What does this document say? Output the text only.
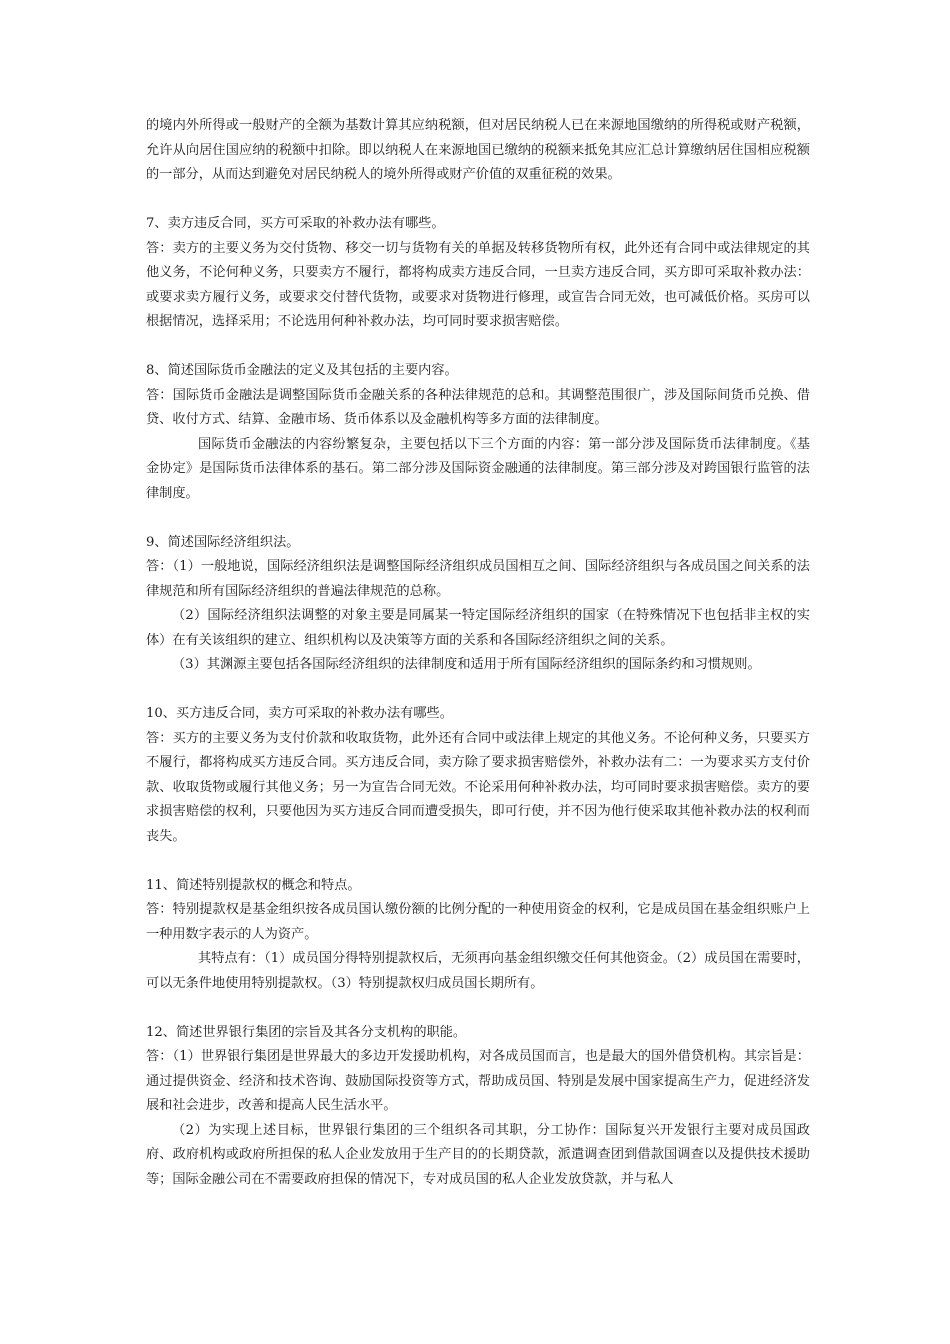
的境内外所得或一般财产的全额为基数计算其应纳税额，但对居民纳税人已在来源地国缴纳的所得税或财产税额，允许从向居住国应纳的税额中扣除。即以纳税人在来源地国已缴纳的税额来抵免其应汇总计算缴纳居住国相应税额的一部分，从而达到避免对居民纳税人的境外所得或财产价值的双重征税的效果。

7、卖方违反合同，买方可采取的补救办法有哪些。

答：卖方的主要义务为交付货物、移交一切与货物有关的单据及转移货物所有权，此外还有合同中或法律规定的其他义务，不论何种义务，只要卖方不履行，都将构成卖方违反合同，一旦卖方违反合同，买方即可采取补救办法：或要求卖方履行义务，或要求交付替代货物，或要求对货物进行修理，或宣告合同无效，也可减低价格。买房可以根据情况，选择采用；不论选用何种补救办法，均可同时要求损害赔偿。

8、简述国际货币金融法的定义及其包括的主要内容。

答：国际货币金融法是调整国际货币金融关系的各种法律规范的总和。其调整范围很广，涉及国际间货币兑换、借贷、收付方式、结算、金融市场、货币体系以及金融机构等多方面的法律制度。

国际货币金融法的内容纷繁复杂，主要包括以下三个方面的内容：第一部分涉及国际货币法律制度。《基金协定》是国际货币法律体系的基石。第二部分涉及国际资金融通的法律制度。第三部分涉及对跨国银行监管的法律制度。

9、简述国际经济组织法。

答：（1）一般地说，国际经济组织法是调整国际经济组织成员国相互之间、国际经济组织与各成员国之间关系的法律规范和所有国际经济组织的普遍法律规范的总称。

（2）国际经济组织法调整的对象主要是同属某一特定国际经济组织的国家（在特殊情况下也包括非主权的实体）在有关该组织的建立、组织机构以及决策等方面的关系和各国际经济组织之间的关系。

（3）其渊源主要包括各国际经济组织的法律制度和适用于所有国际经济组织的国际条约和习惯规则。

10、买方违反合同，卖方可采取的补救办法有哪些。

答：买方的主要义务为支付价款和收取货物，此外还有合同中或法律上规定的其他义务。不论何种义务，只要买方不履行，都将构成买方违反合同。买方违反合同，卖方除了要求损害赔偿外，补救办法有二：一为要求买方支付价款、收取货物或履行其他义务；另一为宣告合同无效。不论采用何种补救办法，均可同时要求损害赔偿。卖方的要求损害赔偿的权利，只要他因为买方违反合同而遭受损失，即可行使，并不因为他行使采取其他补救办法的权利而丧失。

11、简述特别提款权的概念和特点。

答：特别提款权是基金组织按各成员国认缴份额的比例分配的一种使用资金的权利，它是成员国在基金组织账户上一种用数字表示的人为资产。

其特点有：（1）成员国分得特别提款权后，无须再向基金组织缴交任何其他资金。（2）成员国在需要时，可以无条件地使用特别提款权。（3）特别提款权归成员国长期所有。

12、简述世界银行集团的宗旨及其各分支机构的职能。

答：（1）世界银行集团是世界最大的多边开发援助机构，对各成员国而言，也是最大的国外借贷机构。其宗旨是：通过提供资金、经济和技术咨询、鼓励国际投资等方式，帮助成员国、特别是发展中国家提高生产力，促进经济发展和社会进步，改善和提高人民生活水平。

（2）为实现上述目标，世界银行集团的三个组织各司其职，分工协作：国际复兴开发银行主要对成员国政府、政府机构或政府所担保的私人企业发放用于生产目的的长期贷款，派遣调查团到借款国调查以及提供技术援助等；国际金融公司在不需要政府担保的情况下，专对成员国的私人企业发放贷款，并与私人
